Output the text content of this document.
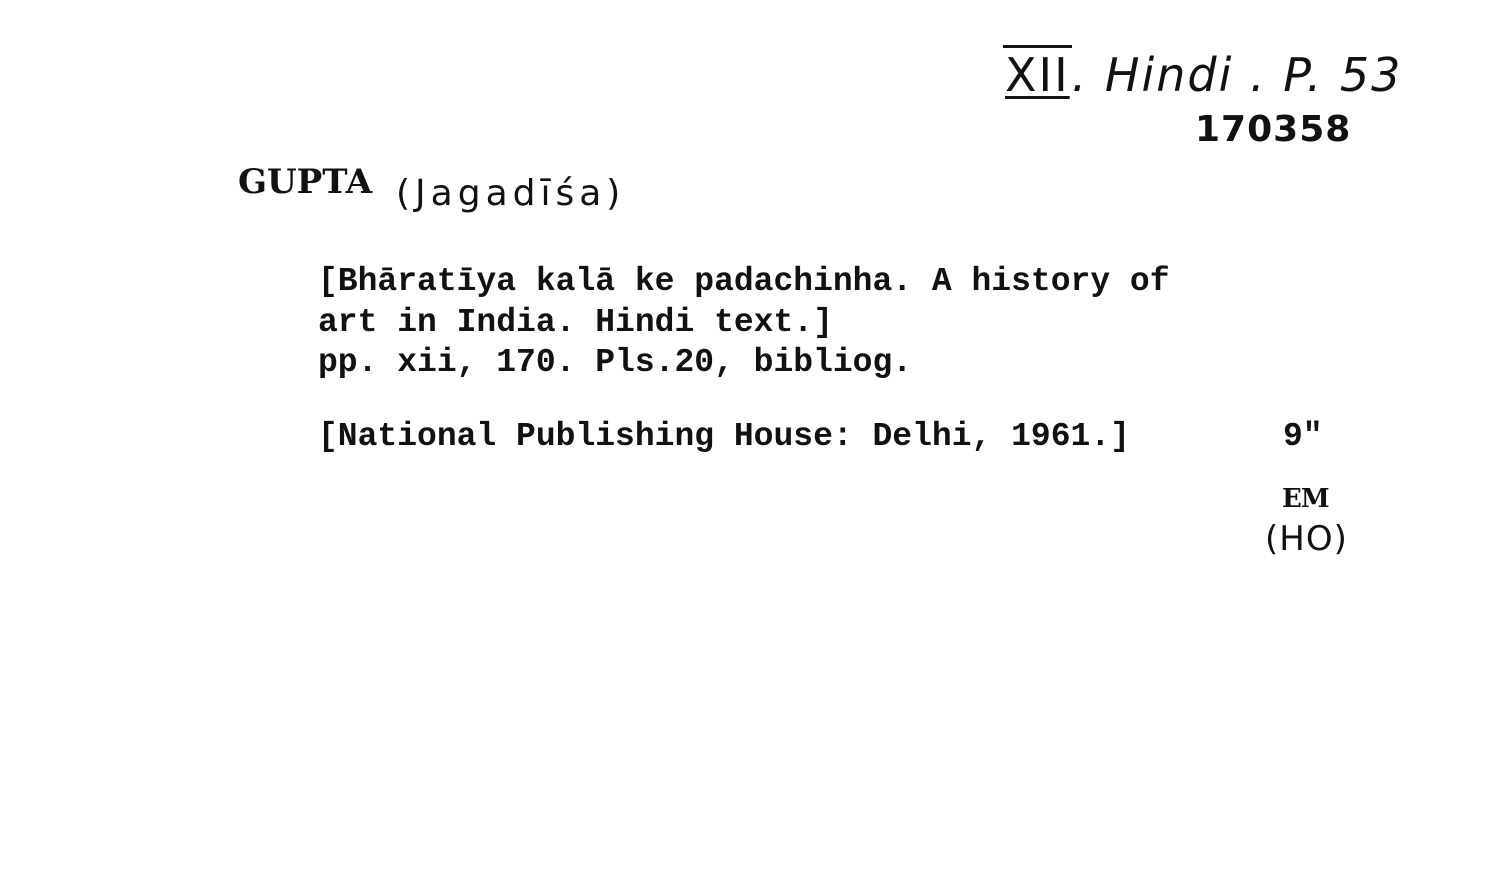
XII. Hindi . P. 53
170358
GUPTA (Jagadīśa)

[Bhāratīya kalā ke padachinha. A history of

art in India. Hindi text.]

pp. xii, 170. Pls.20, bibliog.

[National Publishing House: Delhi, 1961.]	9"
EM
(HO)
